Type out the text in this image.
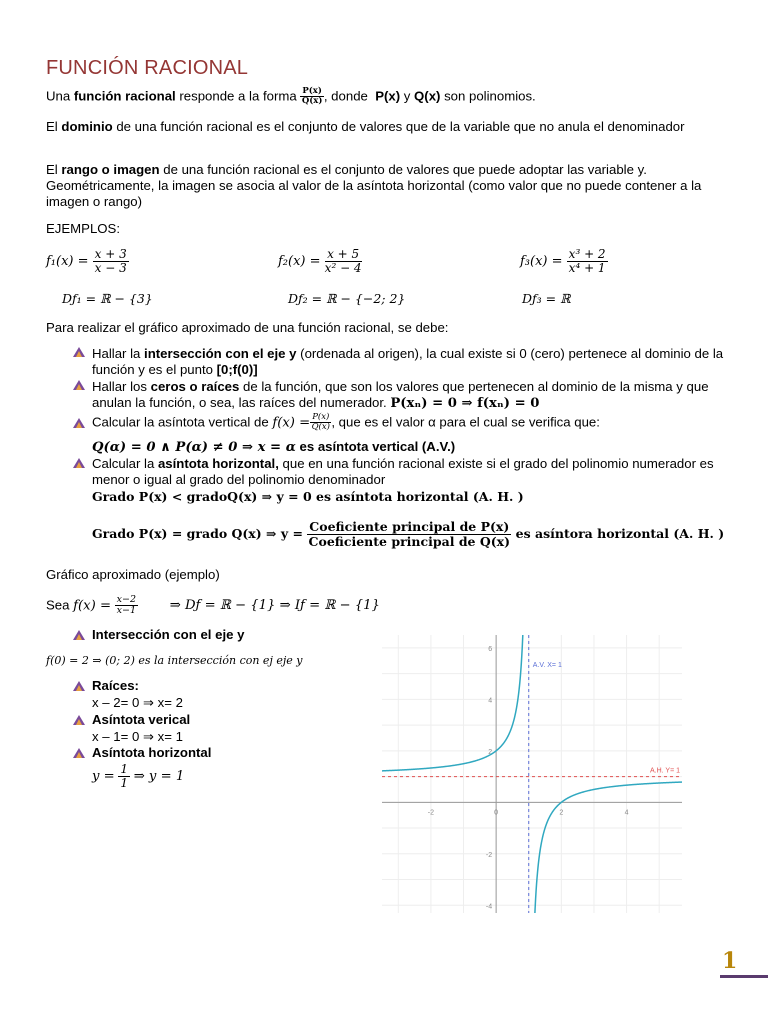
FUNCIÓN RACIONAL
Una función racional responde a la forma $\frac{P(x)}{Q(x)}$ , donde  P(x) y Q(x) son polinomios.
El dominio de una función racional es el conjunto de valores que de la variable que no anula el denominador
El rango o imagen de una función racional es el conjunto de valores que puede adoptar las variable y. Geométricamente, la imagen se asocia al valor de la asíntota horizontal (como valor que no puede contener a la imagen o rango)
EJEMPLOS:
$f_1(x) = \frac{x + 3}{x - 3}$
Dƒ₁ = ℝ − {3}
$f_2(x) = \frac{x + 5}{\text{x² − 4}}$
Dƒ₂ = ℝ − {−2; 2}
$f_3(x) = \frac{\text{x³ + 2}}{\text{x⁴ + 1}}$
Dƒ₃ = ℝ
Para realizar el gráfico aproximado de una función racional, se debe:
Hallar la intersección con el eje y (ordenada al origen), la cual existe si 0 (cero) pertenece al dominio de la función y es el punto [0;f(0)]
Hallar los ceros o raíces de la función, que son los valores que pertenecen al dominio de la misma y que anulan la función, o sea, las raíces del numerador. P(xₙ) = 0 ⇒ f(xₙ) = 0
Calcular la asíntota vertical de $f(x) = \frac{P(x)}{Q(x)}$ , que es el valor α para el cual se verifica que:
Q(α) = 0 ∧ P(α) ≠ 0 ⇒ x = α es asíntota vertical (A.V.)
Calcular la asíntota horizontal, que en una función racional existe si el grado del polinomio numerador es menor o igual al grado del polinomio denominador
Grado P(x) < gradoQ(x) ⇒ y = 0 es asíntota horizontal (A. H. )
Grado P(x) = grado Q(x) ⇒ $y = \frac{\text{Coeficiente principal de P(x)}}{\text{Coeficiente principal de Q(x)}}$ es asíntora horizontal (A. H. )
Gráfico aproximado (ejemplo)
Sea $f(x) = \frac{x-2}{x-1}$ ⇒ Dƒ = ℝ − {1} ⇒ Iƒ = ℝ − {1}
Intersección con el eje y
f(0) = 2 ⇒ (0; 2) es la intersección con ej eje y
Raíces:
x – 2= 0 ⇒ x= 2
Asíntota verical
x – 1= 0 ⇒ x= 1
Asíntota horizontal
$y = \frac{1}{1}$ ⇒ y = 1
-2	0	2	4
6
4
2
-2
-4
A.V. X= 1
A.H. Y= 1
1
